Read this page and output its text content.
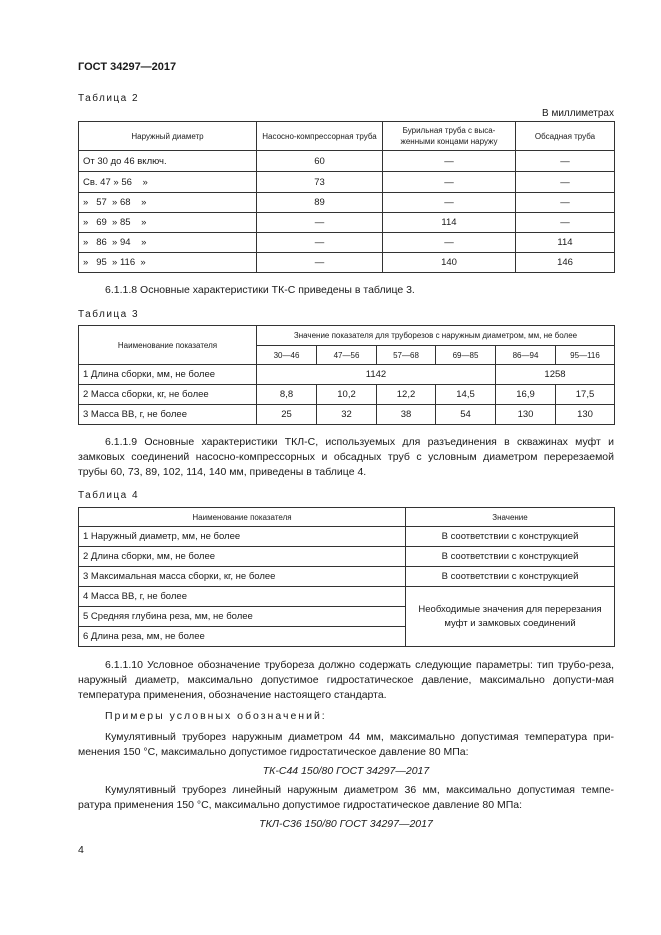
ГОСТ 34297—2017
Таблица 2
В миллиметрах
Наружный диаметр	Насосно-компрессорная труба	Бурильная труба с выса-женными концами наружу	Обсадная труба
От 30 до 46 включ.	60	—	—
Св. 47 » 56    »	73	—	—
»   57  » 68    »	89	—	—
»   69  » 85    »	—	114	—
»   86  » 94    »	—	—	114
»   95  » 116  »	—	140	146

6.1.1.8 Основные характеристики ТК-С приведены в таблице 3.

Таблица 3
Наименование показателя	Значение показателя для труборезов с наружным диаметром, мм, не более					
	30—46	47—56	57—68	69—85	86—94	95—116
1 Длина сборки, мм, не более	1142				1258	
2 Масса сборки, кг, не более	8,8	10,2	12,2	14,5	16,9	17,5
3 Масса ВВ, г, не более	25	32	38	54	130	130

6.1.1.9 Основные характеристики ТКЛ-С, используемых для разъединения в скважинах муфт и замковых соединений насосно-компрессорных и обсадных труб с условным диаметром перерезаемой трубы 60, 73, 89, 102, 114, 140 мм, приведены в таблице 4.

Таблица 4
Наименование показателя	Значение
1 Наружный диаметр, мм, не более	В соответствии с конструкцией
2 Длина сборки, мм, не более	В соответствии с конструкцией
3 Максимальная масса сборки, кг, не более	В соответствии с конструкцией
4 Масса ВВ, г, не более	Необходимые значения для перерезания муфт и замковых соединений
5 Средняя глубина реза, мм, не более	
6 Длина реза, мм, не более	

6.1.1.10 Условное обозначение трубореза должно содержать следующие параметры: тип трубо-реза, наружный диаметр, максимально допустимое гидростатическое давление, максимально допусти-мая температура применения, обозначение настоящего стандарта.

Примеры условных обозначений:

Кумулятивный труборез наружным диаметром 44 мм, максимально допустимая температура при-менения 150 °С, максимально допустимое гидростатическое давление 80 МПа:

ТК-С44 150/80 ГОСТ 34297—2017

Кумулятивный труборез линейный наружным диаметром 36 мм, максимально допустимая темпе-ратура применения 150 °С, максимально допустимое гидростатическое давление 80 МПа:

ТКЛ-С36 150/80 ГОСТ 34297—2017
4
